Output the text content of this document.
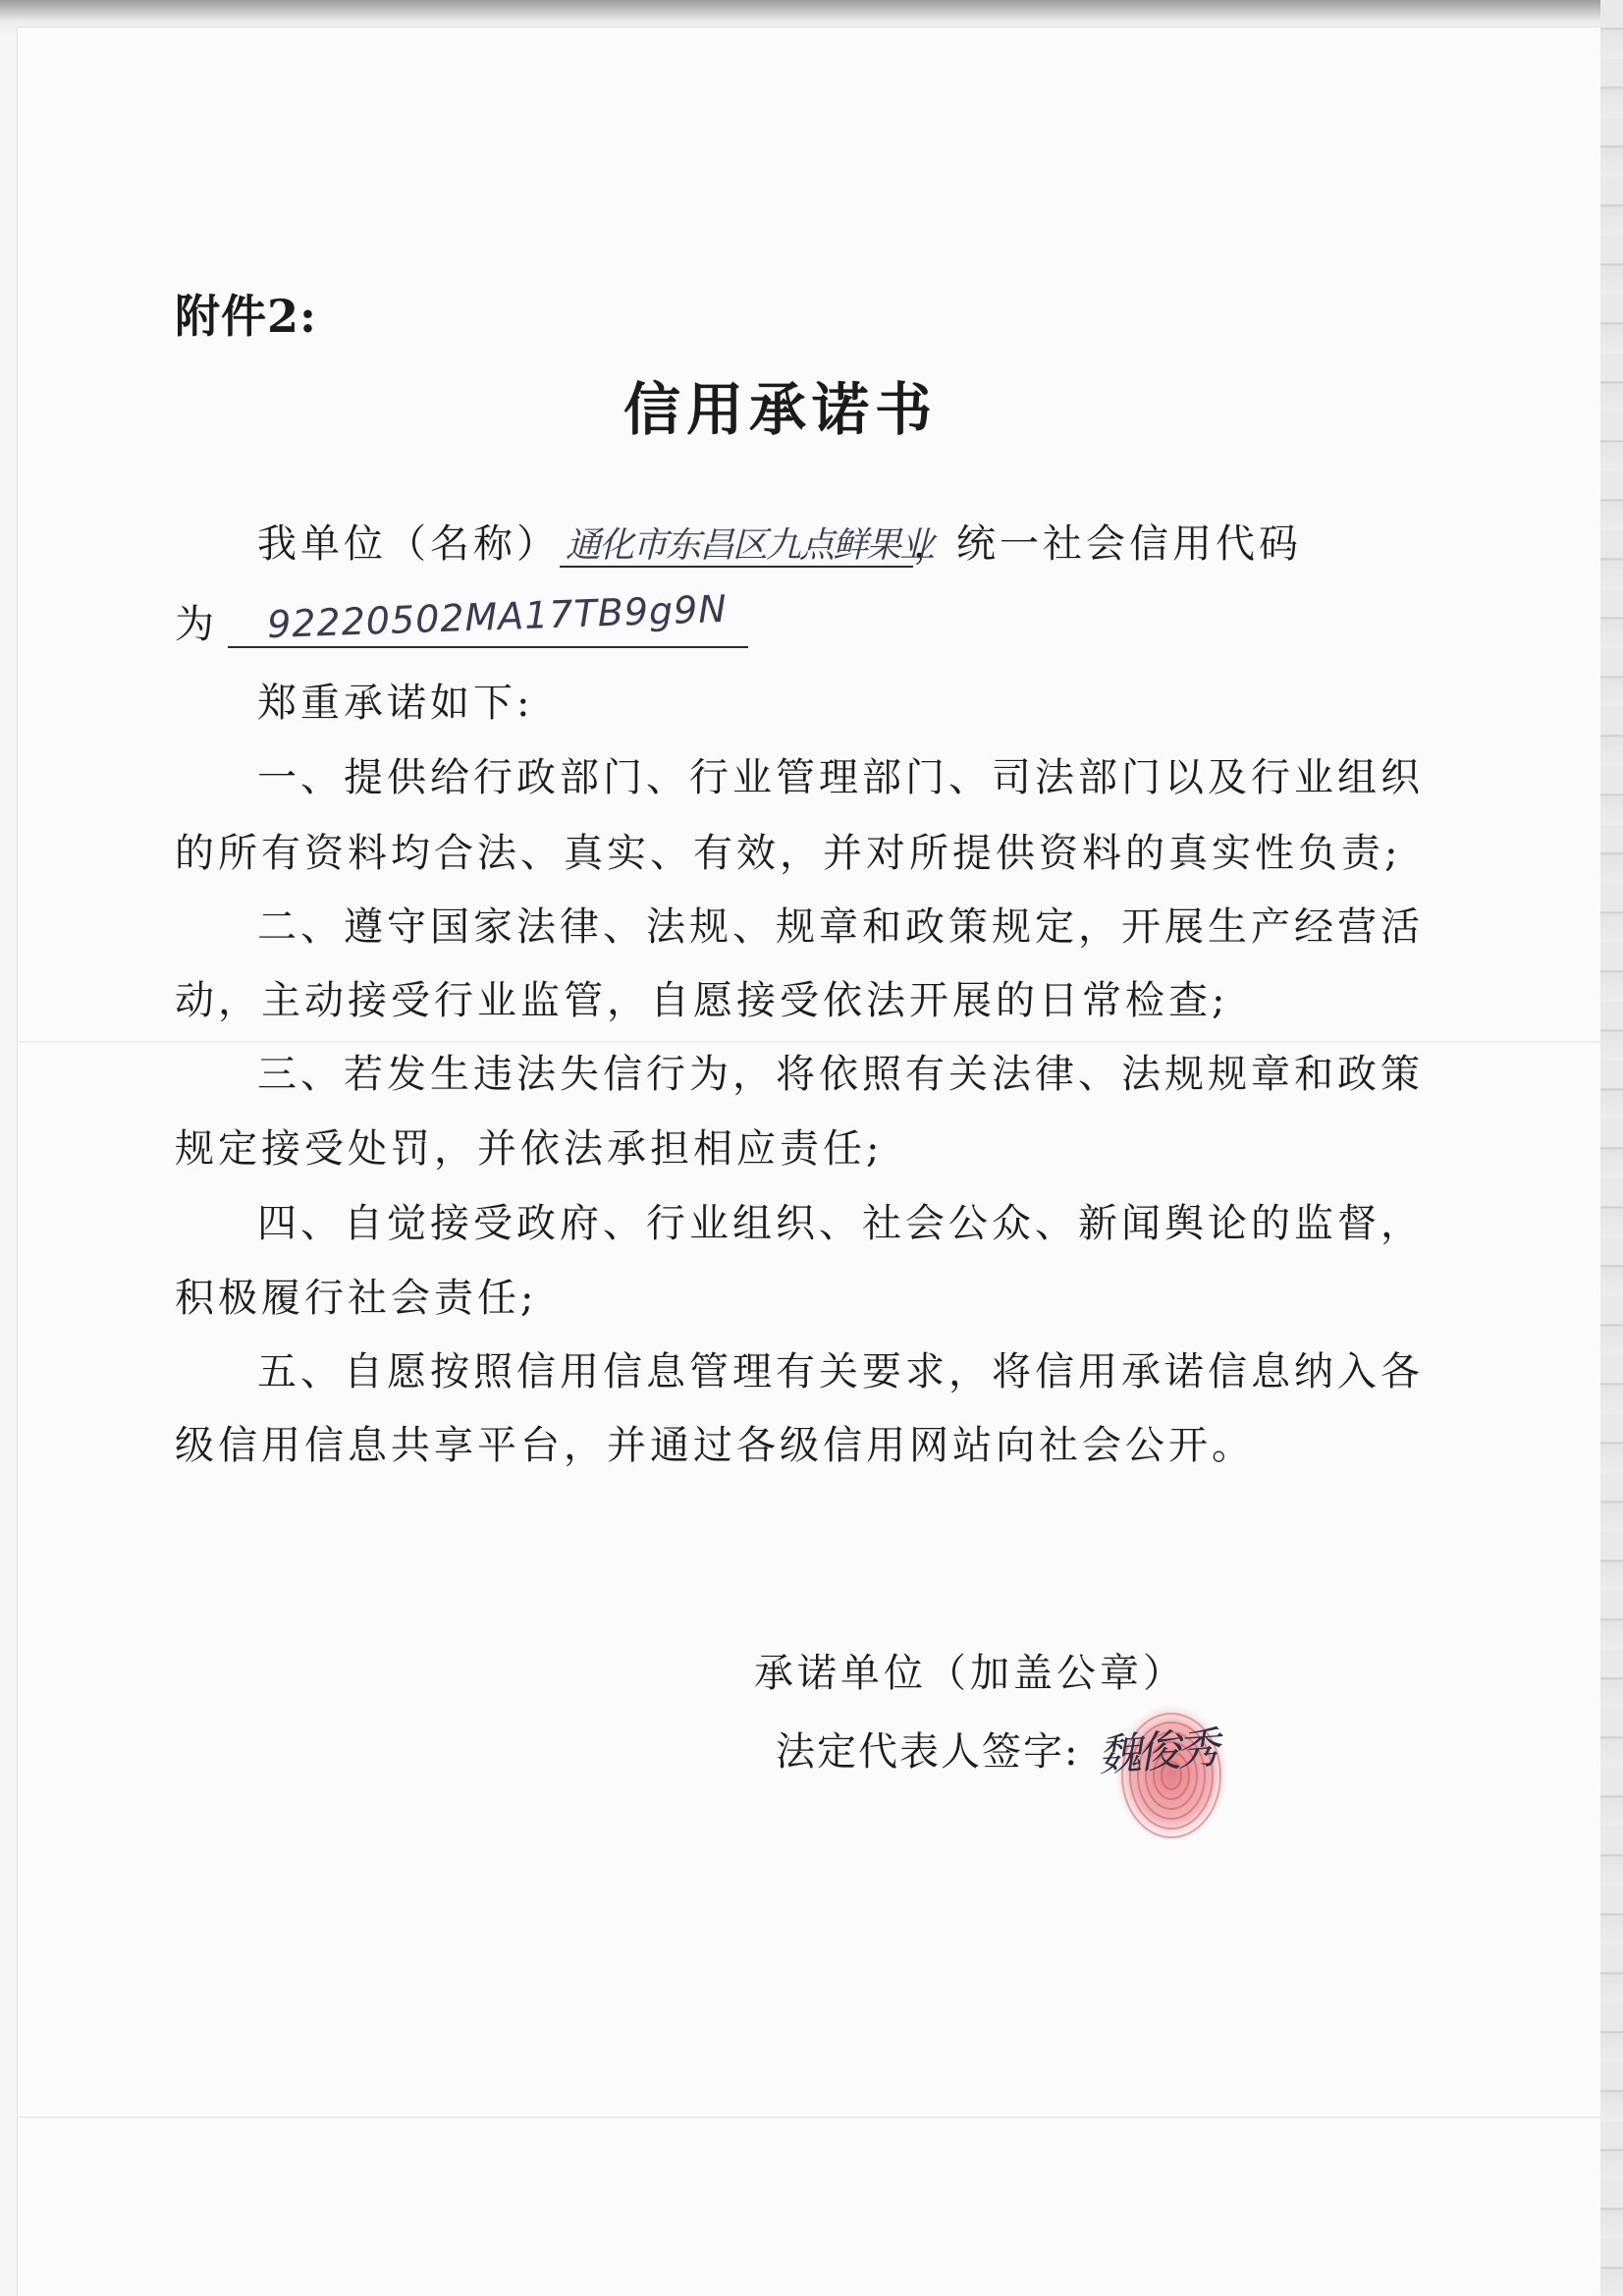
附件2:
信用承诺书
我单位（名称） 通化市东昌区九点鲜果业
，统一社会信用代码
为 92220502MA17TB9g9N
郑重承诺如下:
一、提供给行政部门、行业管理部门、司法部门以及行业组织
的所有资料均合法、真实、有效，并对所提供资料的真实性负责;
二、遵守国家法律、法规、规章和政策规定，开展生产经营活
动，主动接受行业监管，自愿接受依法开展的日常检查;
三、若发生违法失信行为，将依照有关法律、法规规章和政策
规定接受处罚，并依法承担相应责任;
四、自觉接受政府、行业组织、社会公众、新闻舆论的监督，
积极履行社会责任;
五、自愿按照信用信息管理有关要求，将信用承诺信息纳入各
级信用信息共享平台，并通过各级信用网站向社会公开。
承诺单位（加盖公章）
法定代表人签字: 魏俊秀
